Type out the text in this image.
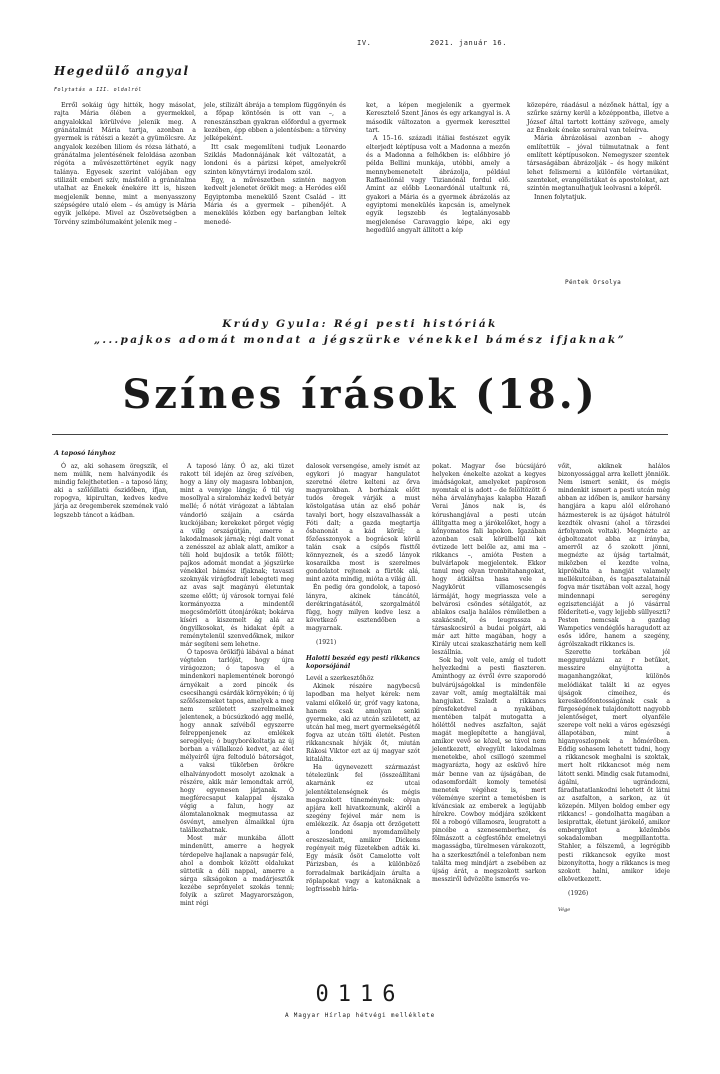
IV.	2021. január 16.
Hegedülő angyal
Folytatás a III. oldalról

Erről sokáig úgy hitték, hogy másolat, rajta Mária ölében a gyermekkel, angyalokkal körülvéve jelenik meg. A gránátalmát Mária tartja, azonban a gyermek is rátészi a kezét a gyümölcsre. Az angyalok kezében liliom és rózsa látható, a gránátalma jelentésének feloldása azonban régóta a művészettörténet egyik nagy talánya. Egyesek szerint valójában egy stilizált emberi szív, másfelől a gránátalma utalhat az Énekek énekére itt is, hiszen megjelenik benne, mint a menyasszony szépségére utaló elem – és amúgy is Mária egyik jelképe. Mivel az Ószövetségben a Tórvény szimbólumaként jelenik meg –

jele, stilizált ábrája a templom függönyén és a főpap köntösén is ott van –, a reneszánszban gyakran előfordul a gyermek kezében, épp ebben a jelentésben: a törvény jelképeként.

Itt csak megemlíteni tudjuk Leonardo Sziklás Madonnájának két változatát, a londoni és a párizsi képet, amelyekről szinten könyvtárnyi irodalom szól.

Egy, a művészetben szintén nagyon kedvelt jelenetet örökít meg: a Heródes elől Egyiptomba menekülő Szent Család – itt Mária és a gyermek – pihenőjét. A menekülés közben egy barlangban leltek menedé-

ket, a képen megjelenik a gyermek Keresztelő Szent János és egy arkangyal is. A második változaton a gyermek kereszttel tart.

A 15–16. századi itáliai festészet egyik elterjedt képtípusa volt a Madonna a mezőn és a Madonna a felhőkben is: előbbire jó példa Bellini munkája, utóbbi, amely a mennybemenetelt ábrázolja, például Raffaellónál vagy Tizianónál fordul elő. Amint az előbb Leonardónál utaltunk rá, gyakori a Mária és a gyermek ábrázolás az egyiptomi menekülés kapcsán is, amelynek egyik legszebb és legtalányosabb megjelenése Caravaggio képe, aki egy hegedülő angyalt állított a kép

közepére, ráadásul a nézőnek háttal, így a szűrke szárny kerül a középpontba, illetve a József által tartott kottány szövege, amely az Énekek éneke soraival van teleírva.

Mária ábrázolásai azonban – ahogy említettük – jóval túlmutatnak a fent említett képtípusokon. Nemegyszer szentek társaságában ábrázolják – és hogy miként lehet felismerni a különféle vértanúkat, szenteket, evangélistákat és apostolokat, azt szintén megtanulhatjuk leolvasni a képről.

Innen folytatjuk.

Péntek Orsolya
Krúdy Gyula: Régi pesti históriák
„...pajkos adomát mondat a jégszürke vénekkel bámész ifjaknak”
Színes írások (18.)
A taposó lányhoz

Ó az, aki sohasem öregszik, el nem múlik, nem halványodik és mindig felejthetetlen – a taposó lány, aki a szőlőillatú őszidőben, ifjan, ropogva, kipirultan, kedves kedve járja az öregemberek szemének való legszebb táncot a kádban.

A taposó lány. Ó az, aki tüzet rakott tél idején az öreg szívében, hogy a lány oly magasra lobbanjon, mint a venyige lángja; ő túl vig mosollyal a siralomház kedvű betyár mellé; ő nótát virágozat a lábtalan vándorló szájain a csárda kuckójában; kerekeket pörget végig a villg országútján, amerre a lakodalmasok járnak; régi dalt vonat a zenésszel az ablak alatt, amikor a téli hold bujdosik a tetők fölött; pajkos adomát mondat a jégszürke vénekkel bámész ifjaknak; tavaszi szoknyák virágfodrait lebegteti meg az avas sajt magányú életuntak szeme előtt; új városok tornyai felé kormányozza a mindentől megcsömörlött útonjárókat; bokárva kíséri a kiszemelt ág alá az öngyilkosokat, és hidakat épít a reménytelenül szenvedőknek, mikor már segíteni sem lehetne.

Ó taposva örökifjú lábával a bánat végtelen tarlóját, hogy újra virágozzon; ó taposva el a mindenkori naplementének borongó árnyékait a zord pincék és csecsihangú csárdák környékén; ó új szőlőszemeket tapos, amelyek a meg nem született szerelmeknek jelentenek, a búcsúzkodó agg mellé, hogy annak szívéből egyszerre felreppenjenek az emlékek seregélyei; ó bugyborékoltatja az új borban a vállalkozó kedvet, az élet mélyeiről újra feltoduló bátorságot, a vaksi tükörben örökre elhalványodott mosolyt azoknak a részére, akik már lemondtak arról, hogy egyenesen járjanak. Ó megférecsaput kalappal éjszaka végig a falun, hogy az álomtalanoknak megmutassa az ösvényt, amelyen álmaikkal újra találkozhatnak.

Most már munkába állott mindenütt, amerre a hegyek térdepelve hajlanak a napsugár felé, ahol a dombok között oldalukat süttetik a déli nappal, amerre a sárga síkságokon a madárjesztők kezébe seprőnyelet szokás tenni; folyik a szüret Magyarországon, mint régi

dalosok versengése, amely ismét az egykori jó magyar hangulatot szeretné életre kelteni az őrva magyarokban. A borházak előtt tudós öregek várják a must köstolgatása után az első pohár tavalyi bort, hogy elszavalhassák a Fóti dalt; a gazda megtartja ősbanonát a kád körül; a főzőasszonyok a bográcsok körül talán csak a csípős füsttől könnyeznek, és a szedő lányok kosaraikba most is szerelmes gondolatot rejtenek a fürtök alá, mint azóta mindig, mióta a világ áll.

Én pedig óra gondolok, a taposó lányra, akinek táncától, derékringatásától, szorgalmától függ, hogy milyen kedve lesz a következő esztendőben a magyarnak.

(1921)

Halotti beszéd egy pesti rikkancs koporsójánál

Levél a szerkesztőhöz

Akinek részére nagybecsű lapodban ma helyet kérek: nem valami előkelő úr, gróf vagy katona, hanem csak amolyan senki gyermeke, aki az utcán született, az utcán hal meg, mert gyermekségétől fogva az utcán tölti életét. Pesten rikkancsnak hívják őt, miután Rákosi Viktor ezt az új magyar szót kitalálta.

Ha úgynevezett származást tételezünk fel (összeállítani akarnánk ez utcai jelentéktelenségnek és mégis megszokott tüneménynek: olyan apjára kell hivatkoznunk, akiről a szegény fejével már nem is emlékezik. Az ősapja ott őrzögetett a londoni nyomdamühely ereszesalatt, amikor Dickens regényeit még füzetekben adták ki. Egy másik ősöt Camelotte volt Párizsban, és a különböző forradalmak barikádjain árulta a röplapokat vagy a katonáknak a legfrissebb hírla-

pokat. Magyar őse búcsújáró helyeken énekelte azokat a kegyes imádságokat, amelyeket papíroson nyomtak el is adott – de felöltözött ő néha árvalányhajas kalapba Hazafi Verai János nak is, és kórushangjával a pesti utcán állítgatta meg a járókelőket, hogy a kőnyomatos fali lapokon. Igazában azonban csak körülbelül két évtizede lett belőle az, ami ma – rikkancs –, amióta Pesten a bulvárlapok megjelentek. Ekkor tanul meg olyan trombitahangokat, hogy átkiáltsa hasa vele a Nagykörút villamoscsengés lármáját, hogy megriassza vele a belvárosi csöndes sétálgatót, az ablakos csalja halálos rémületben a szakácsnőt, és leugrassza a társaskocsiról a budai polgárt, aki már azt hitte magában, hogy a Király utcai szakaszhatárig nem kell leszállnia.

Sok baj volt vele, amíg el tudott helyezkedni a pesti fiaszteren. Aminthogy az évről évre szaporodó bulvárújságokkal is mindenféle zavar volt, amíg megtalálták mai hangjukat. Szaladt a rikkancs pírosfeketdvel a nyakában, mentében talpát mutogatta a hóléttől nedves aszfalton, saját magát meglepítette a hangjával, amikor vevő se közel, se távol nem jelentkezett, elvegyült lakodalmas menetekbe, ahol csillogó szemmel magyarázta, hogy az esküvő híre már benne van az újságában, de odasomfordált komoly temetési menetek végéhez is, mert véleménye szerint a temetésben is kíváncsiak az emberek a legújabb hírekre. Cowboy módjára szökkent föl a robogó villamosra, leugratott a pincébe a szenesemberhez, és fölmászott a cégfestőhöz emeletnyi magasságba, türelmesen várakozott, ha a szerkesztőnél a telefonban nem találta meg mindjárt a zsebében az újság árát, a megszokott sarkon messziről üdvözölte ismerős ve-

vőit, akiknek halálos bizonyossággal arra kellett jönniök. Nem ismert senkit, és mégis mindenkit ismert a pesti utcán még abban az időben is, amikor harsány hangjára a kapu alól előrohanó házmesterek is az újságot hátulról kezdték olvasni (ahol a törzsdei árfolyamok voltak). Megnézte az égboltozatot abba az irányba, amerről az ő szokott jönni, megnézte az újság tartalmát, miközben el kezdte volna, kipróbálta a hangját valamely mellékutcában, és tapasztalatainál fogva már tisztában volt azzal, hogy mindennapi seregény egzisztenciáját a jó vásárral földeríteti-e, vagy lejjebb süllyeszti? Pesten nemcsak a gazdag Wampetics vendéglős haragudott az esős időre, hanem a szegény, ágrólszakadt rikkancs is.

Szerette torkában jól meggurgulázni az r betűket, messzire elnyújtotta a maganhangzókat, különös melódiákat talált ki az egyes újságok címeihez, és kereskedőfontosságának csak a fürgeségének tulajdonított nagyobb jelentőséget, mert olyanféle szerepe volt neki a város egészségi állapotában, mint a higanyoszlopnek a hőmérőben. Eddig sohasem lehetett tudni, hogy a rikkancsok meghalni is szoktak, mert holt rikkancsot még nem látott senki. Mindig csak futamodni, ágálni, ugrándozni, fáradhatatlankodni lehetett őt látni az aszfalton, a sarkon, az út közepén. Milyen boldog ember egy rikkancs! – gondolhatta magában a lesiprattak, életunt járókelő, amikor embergyíkot a közömbös sokadalomban megpillantotta. Stahler, a félszemű, a legrégibb pesti rikkancsok egyike most bizonyította, hogy a rikkancs is meg szokott halni, amikor ideje elkövetkezett.

(1926)

Vége

0116
A Magyar Hírlap hétvégi melléklete
